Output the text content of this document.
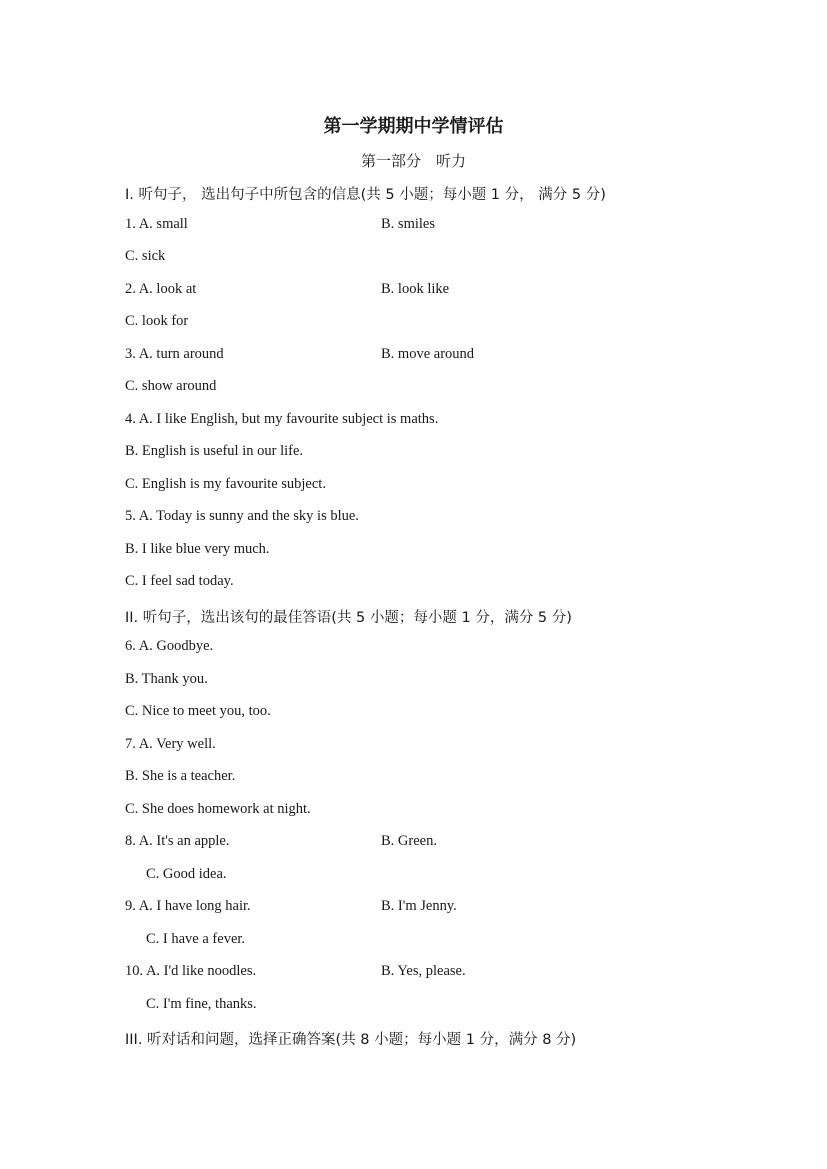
第一学期期中学情评估
第一部分　听力
I. 听句子， 选出句子中所包含的信息(共 5 小题；每小题 1 分， 满分 5 分)
1. A. small	B. smiles
C. sick
2. A. look at	B. look like
C. look for
3. A. turn around	B. move around
C. show around
4. A. I like English, but my favourite subject is maths.
B. English is useful in our life.
C. English is my favourite subject.
5. A. Today is sunny and the sky is blue.
B. I like blue very much.
C. I feel sad today.
II. 听句子，选出该句的最佳答语(共 5 小题；每小题 1 分，满分 5 分)
6. A. Goodbye.
B. Thank you.
C. Nice to meet you, too.
7. A. Very well.
B. She is a teacher.
C. She does homework at night.
8. A. It's an apple.	B. Green.
C. Good idea.
9. A. I have long hair.	B. I'm Jenny.
C. I have a fever.
10. A. I'd like noodles.	B. Yes, please.
C. I'm fine, thanks.
III. 听对话和问题，选择正确答案(共 8 小题；每小题 1 分，满分 8 分)
